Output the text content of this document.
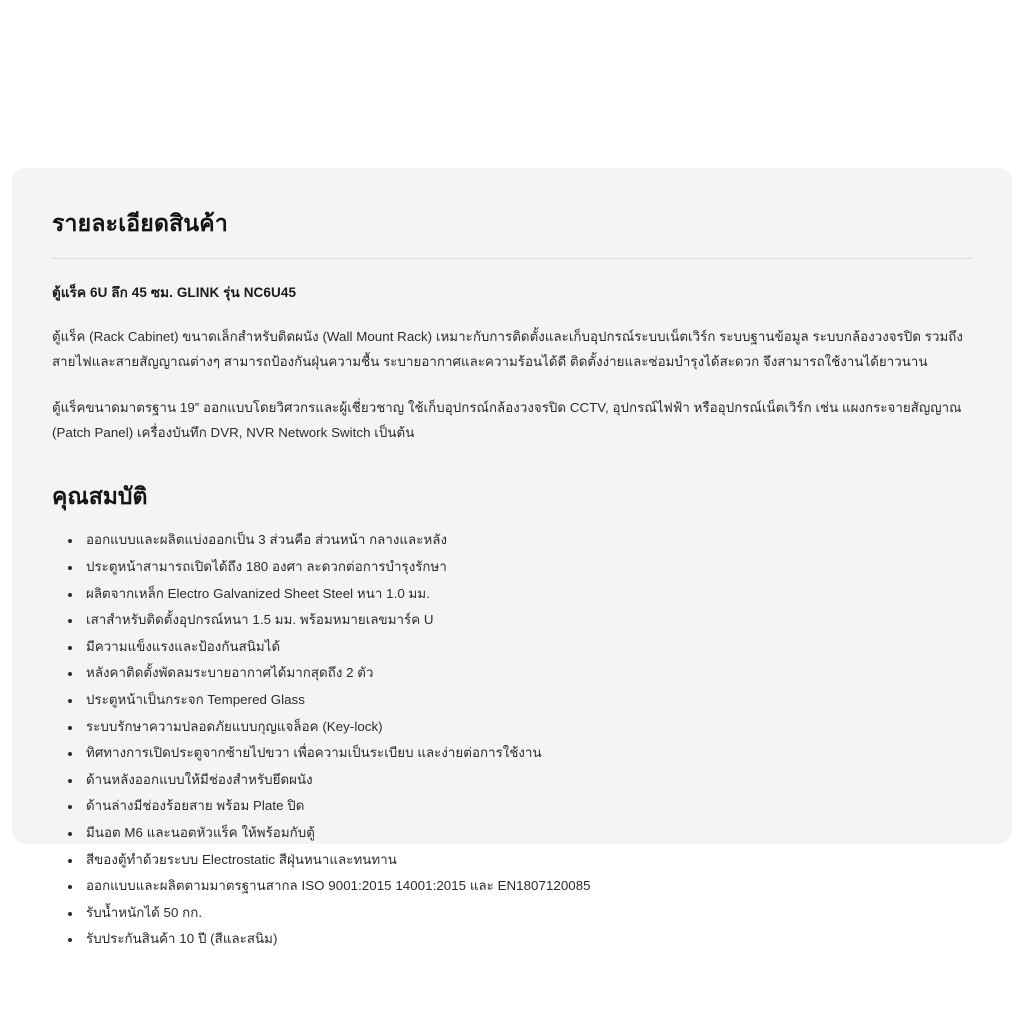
รายละเอียดสินค้า
ตู้แร็ค 6U ลึก 45 ซม. GLINK รุ่น NC6U45

ตู้แร็ค (Rack Cabinet) ขนาดเล็กสำหรับติดผนัง (Wall Mount Rack) เหมาะกับการติดตั้งและเก็บอุปกรณ์ระบบเน็ตเวิร์ก ระบบฐานข้อมูล ระบบกล้องวงจรปิด รวมถึงสายไฟและสายสัญญาณต่างๆ สามารถป้องกันฝุ่นความชื้น ระบายอากาศและความร้อนได้ดี ติดตั้งง่ายและซ่อมบำรุงได้สะดวก จึงสามารถใช้งานได้ยาวนาน

ตู้แร็คขนาดมาตรฐาน 19” ออกแบบโดยวิศวกรและผู้เชี่ยวชาญ ใช้เก็บอุปกรณ์กล้องวงจรปิด CCTV, อุปกรณ์ไฟฟ้า หรืออุปกรณ์เน็ตเวิร์ก เช่น แผงกระจายสัญญาณ (Patch Panel) เครื่องบันทึก DVR, NVR Network Switch เป็นต้น

คุณสมบัติ
ออกแบบและผลิตแบ่งออกเป็น 3 ส่วนคือ ส่วนหน้า กลางและหลัง
ประตูหน้าสามารถเปิดได้ถึง 180 องศา ละดวกต่อการบำรุงรักษา
ผลิตจากเหล็ก Electro Galvanized Sheet Steel หนา 1.0 มม.
เสาสำหรับติดตั้งอุปกรณ์หนา 1.5 มม. พร้อมหมายเลขมาร์ค U
มีความแข็งแรงและป้องกันสนิมได้
หลังคาติดตั้งพัดลมระบายอากาศได้มากสุดถึง 2 ตัว
ประตูหน้าเป็นกระจก Tempered Glass
ระบบรักษาความปลอดภัยแบบกุญแจล็อค (Key-lock)
ทิศทางการเปิดประตูจากซ้ายไปขวา เพื่อความเป็นระเบียบ และง่ายต่อการใช้งาน
ด้านหลังออกแบบให้มีช่องสำหรับยึดผนัง
ด้านล่างมีช่องร้อยสาย พร้อม Plate ปิด
มีนอต M6 และนอตหัวแร็ค ให้พร้อมกับตู้
สีของตู้ทำด้วยระบบ Electrostatic สีฝุ่นหนาและทนทาน
ออกแบบและผลิตตามมาตรฐานสากล ISO 9001:2015 14001:2015 และ EN1807120085
รับน้ำหนักได้ 50 กก.
รับประกันสินค้า 10 ปี (สีและสนิม)
